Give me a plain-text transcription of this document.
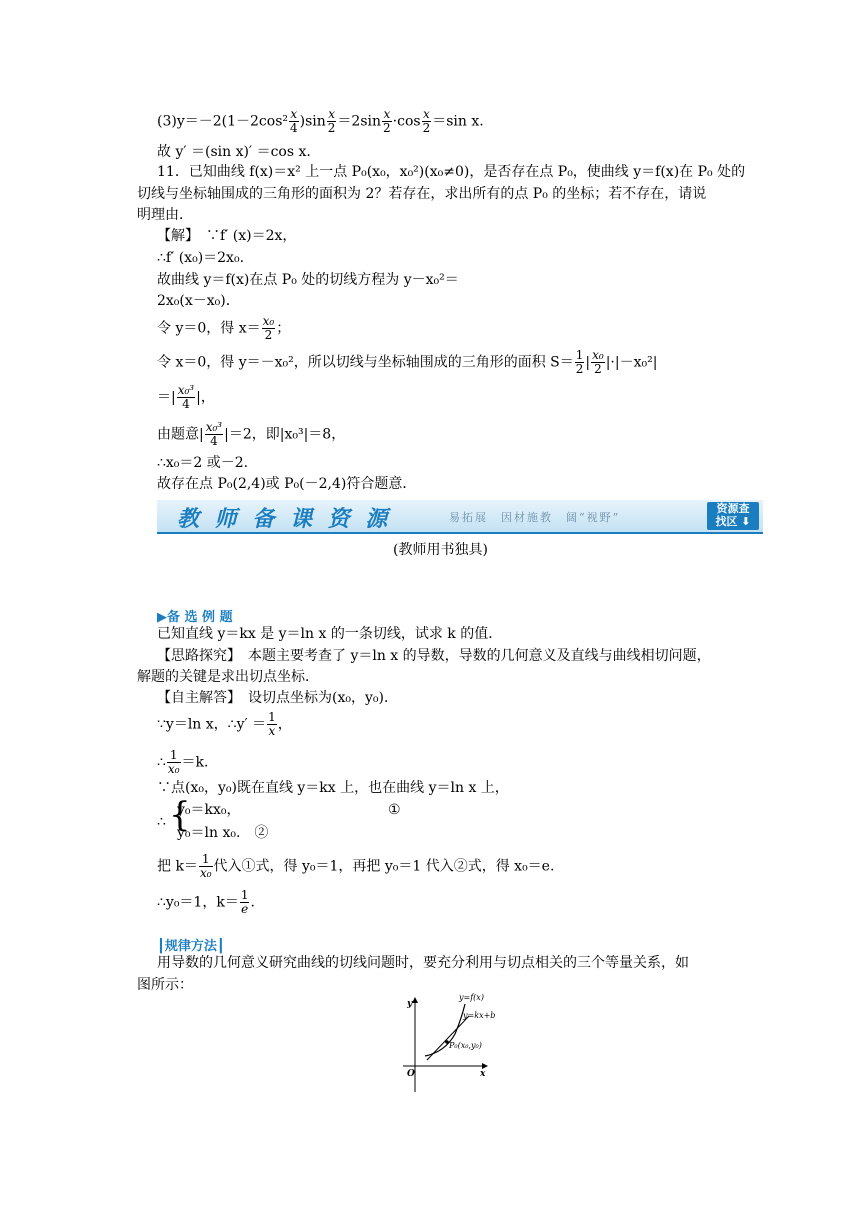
$(3)y=-2(1-2\cos^2 \frac{x}{4} )\sin \frac{x}{2} =2\sin \frac{x}{2} \cdot\cos \frac{x}{2} =\sin$ x.
故 y′ ＝(sin x)′ ＝cos x.
11．已知曲线 f(x)＝x² 上一点 P₀(x₀，x₀²)(x₀≠0)，是否存在点 P₀，使曲线 y＝f(x)在 P₀ 处的
切线与坐标轴围成的三角形的面积为 2？若存在，求出所有的点 P₀ 的坐标；若不存在，请说
明理由．
【解】　∵f′ (x)＝2x，
∴f′ (x₀)＝2x₀.
故曲线 y＝f(x)在点 P₀ 处的切线方程为 y－x₀²＝
2x₀(x－x₀)．
令 y＝0，得 $x= \frac{\text{x₀}}{2}$ ；
令 x＝0，得 y＝－x₀²，所以切线与坐标轴围成的三角形的面积 $S= \frac{1}{2}$ | $\frac{\text{x₀}}{2} |\cdot|-x_0^2|$
＝| $\frac{\text{x₀³}}{4}$ |，
由题意| $\frac{\text{x₀³}}{4} |=2$，即|x₀³|＝8，
∴x₀＝2 或－2.
故存在点 P₀(2,4)或 P₀(－2,4)符合题意．
教 师 备 课 资 源	易拓展　因材施教　阔“视野”
资源查
找区 ⬇
(教师用书独具)
▶备 选 例 题
已知直线 y＝kx 是 y＝ln x 的一条切线，试求 k 的值．
【思路探究】　本题主要考查了 y＝ln x 的导数，导数的几何意义及直线与曲线相切问题，
解题的关键是求出切点坐标．
【自主解答】　设切点坐标为(x₀，y₀)．
∵y＝ln x，∴y′ ＝ $\frac{1}{x}$ ，
∴ $\frac{1}{\text{x₀}} =k$.
∵点(x₀，y₀)既在直线 y＝kx 上，也在曲线 y＝ln x 上，
∴ {
y₀＝kx₀，	①
y₀＝ln x₀.　②
把 $k= \frac{1}{\text{x₀}}$ 代入①式，得 y₀＝1，再把 y₀＝1 代入②式，得 x₀＝e.
∴y₀＝1，$k= \frac{1}{e}$ .
┃规律方法┃
用导数的几何意义研究曲线的切线问题时，要充分利用与切点相关的三个等量关系，如
图所示：
y=f(x)
y=kx+b
P₀(x₀,y₀)
y
x
O
